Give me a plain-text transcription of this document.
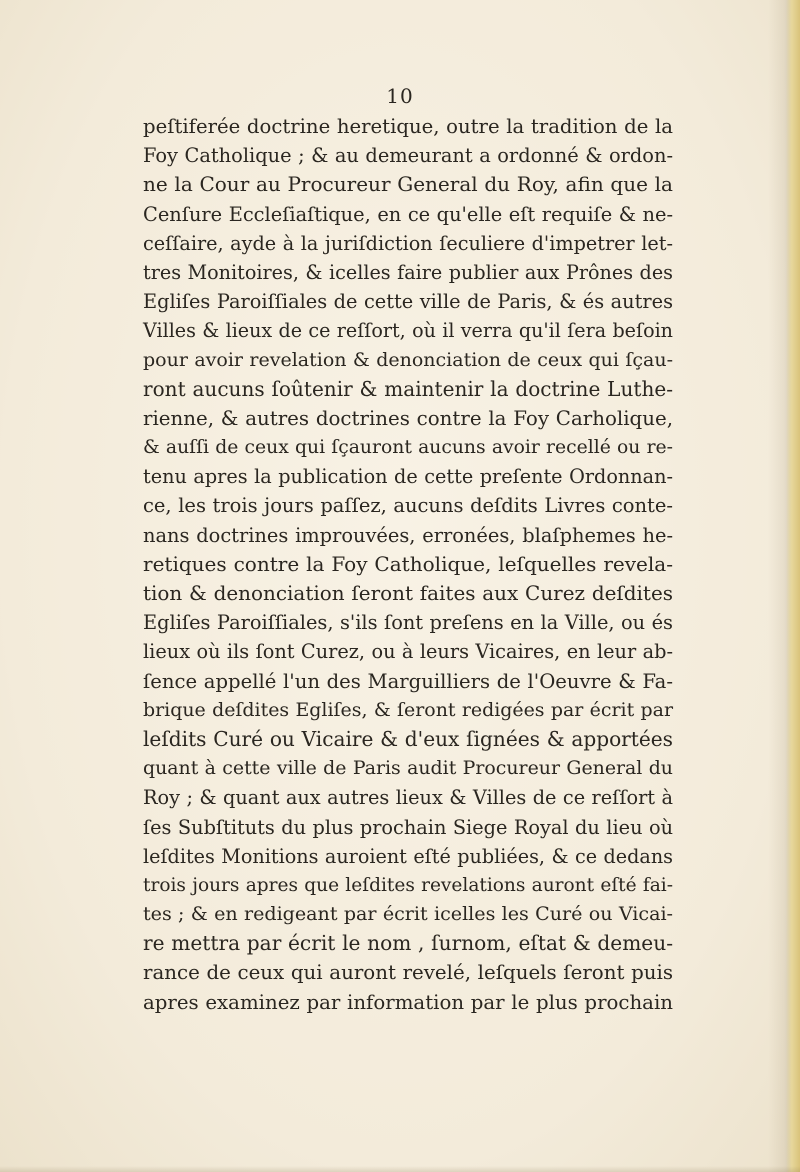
10
peſtiferée doctrine heretique, outre la tradition de la
Foy Catholique ; & au demeurant a ordonné & ordon-
ne la Cour au Procureur General du Roy, afin que la
Cenſure Eccleſiaſtique, en ce qu'elle eſt requiſe & ne-
ceſſaire, ayde à la juriſdiction ſeculiere d'impetrer let-
tres Monitoires, & icelles faire publier aux Prônes des
Egliſes Paroiſſiales de cette ville de Paris, & és autres
Villes & lieux de ce reſſort, où il verra qu'il ſera beſoin
pour avoir revelation & denonciation de ceux qui ſçau-
ront aucuns ſoûtenir & maintenir la doctrine Luthe-
rienne, & autres doctrines contre la Foy Carholique,
& auſſi de ceux qui ſçauront aucuns avoir recellé ou re-
tenu apres la publication de cette preſente Ordonnan-
ce, les trois jours paſſez, aucuns deſdits Livres conte-
nans doctrines improuvées, erronées, blaſphemes he-
retiques contre la Foy Catholique, leſquelles revela-
tion & denonciation ſeront faites aux Curez deſdites
Egliſes Paroiſſiales, s'ils ſont preſens en la Ville, ou és
lieux où ils ſont Curez, ou à leurs Vicaires, en leur ab-
ſence appellé l'un des Marguilliers de l'Oeuvre & Fa-
brique deſdites Egliſes, & ſeront redigées par écrit par
leſdits Curé ou Vicaire & d'eux ſignées & apportées
quant à cette ville de Paris audit Procureur General du
Roy ; & quant aux autres lieux & Villes de ce reſſort à
ſes Subſtituts du plus prochain Siege Royal du lieu où
leſdites Monitions auroient eſté publiées, & ce dedans
trois jours apres que leſdites revelations auront eſté fai-
tes ; & en redigeant par écrit icelles les Curé ou Vicai-
re mettra par écrit le nom , ſurnom, eſtat & demeu-
rance de ceux qui auront revelé, leſquels ſeront puis
apres examinez par information par le plus prochain
